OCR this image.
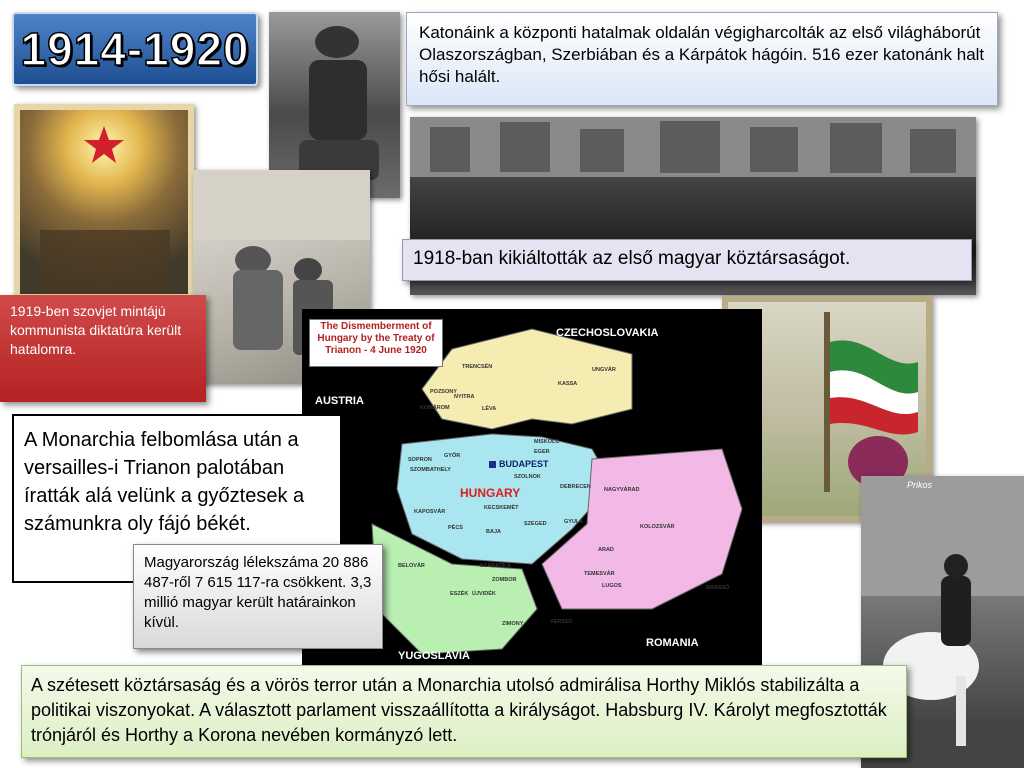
1914-1920
Prikos
CZECHOSLOVAKIA
AUSTRIA
BUDAPEST
HUNGARY
ROMANIA
YUGOSLAVIA
TRENCSÉN
KASSA
UNGVÁR
POZSONY
NYITRA
KOMÁROM	LÉVA
MISKOLC
EGER
DEBRECEN
SZOLNOK
GYŐR
SOPRON
SZOMBATHELY
KAPOSVÁR
PÉCS
BAJA
SZEGED
KECSKEMÉT
GYULA
NAGYVÁRAD
KOLOZSVÁR
ARAD
TEMESVÁR
LUGOS	BRASSÓ
ZIMONY
ÚJVIDÉK
SZABADKA
ZOMBOR
BELOVÁR
ESZÉK
VERSEC
The Dismemberment of Hungary by the Treaty of Trianon - 4 June 1920
Katonáink a központi hatalmak oldalán végigharcolták az első világháborút Olaszországban, Szerbiában és a Kárpátok hágóin. 516 ezer katonánk halt hősi halált.
1918-ban kikiáltották az első magyar köztársaságot.
1919-ben szovjet mintájú kommunista diktatúra került hatalomra.
A Monarchia felbomlása után a versailles-i Trianon palotában íratták alá velünk a győztesek a számunkra oly fájó békét.
Magyarország lélekszáma 20 886 487-ről 7 615 117-ra csökkent. 3,3 millió magyar került határainkon kívül.
A szétesett köztársaság és a vörös terror után a Monarchia utolsó admirálisa Horthy Miklós stabilizálta a politikai viszonyokat. A választott parlament visszaállította a királyságot. Habsburg IV. Károlyt megfosztották trónjáról és Horthy a Korona nevében kormányzó lett.
